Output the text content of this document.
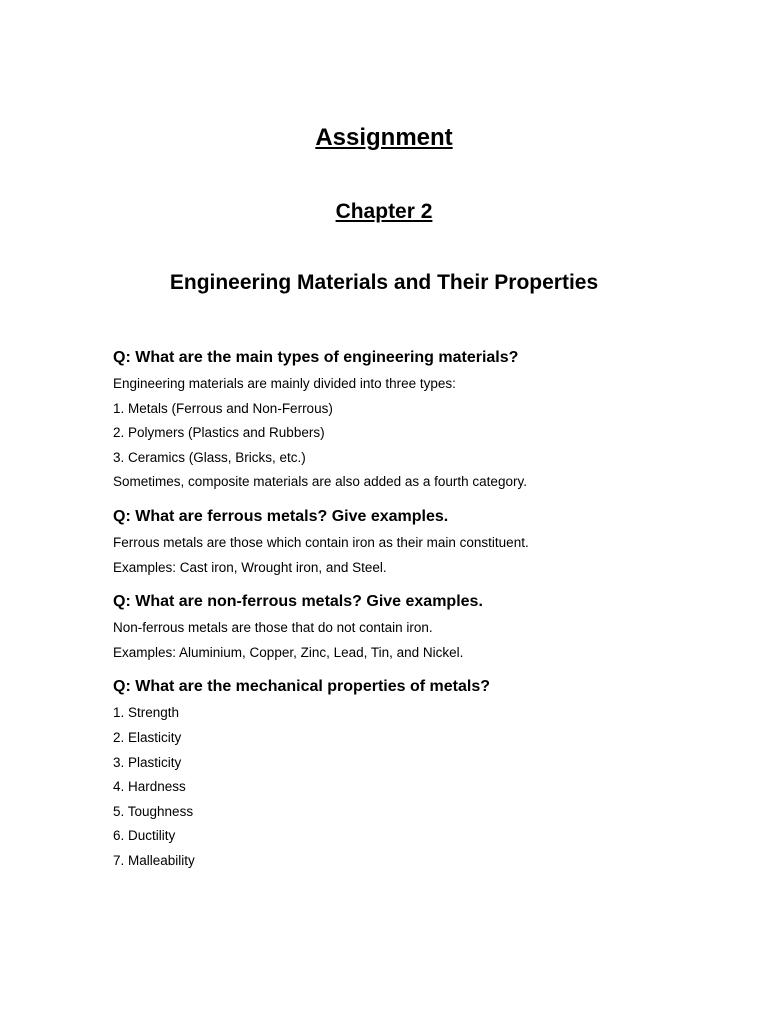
Assignment
Chapter 2
Engineering Materials and Their Properties

Q: What are the main types of engineering materials?

Engineering materials are mainly divided into three types:

1. Metals (Ferrous and Non-Ferrous)

2. Polymers (Plastics and Rubbers)

3. Ceramics (Glass, Bricks, etc.)

Sometimes, composite materials are also added as a fourth category.

Q: What are ferrous metals? Give examples.

Ferrous metals are those which contain iron as their main constituent.

Examples: Cast iron, Wrought iron, and Steel.

Q: What are non-ferrous metals? Give examples.

Non-ferrous metals are those that do not contain iron.

Examples: Aluminium, Copper, Zinc, Lead, Tin, and Nickel.

Q: What are the mechanical properties of metals?

1. Strength

2. Elasticity

3. Plasticity

4. Hardness

5. Toughness

6. Ductility

7. Malleability
